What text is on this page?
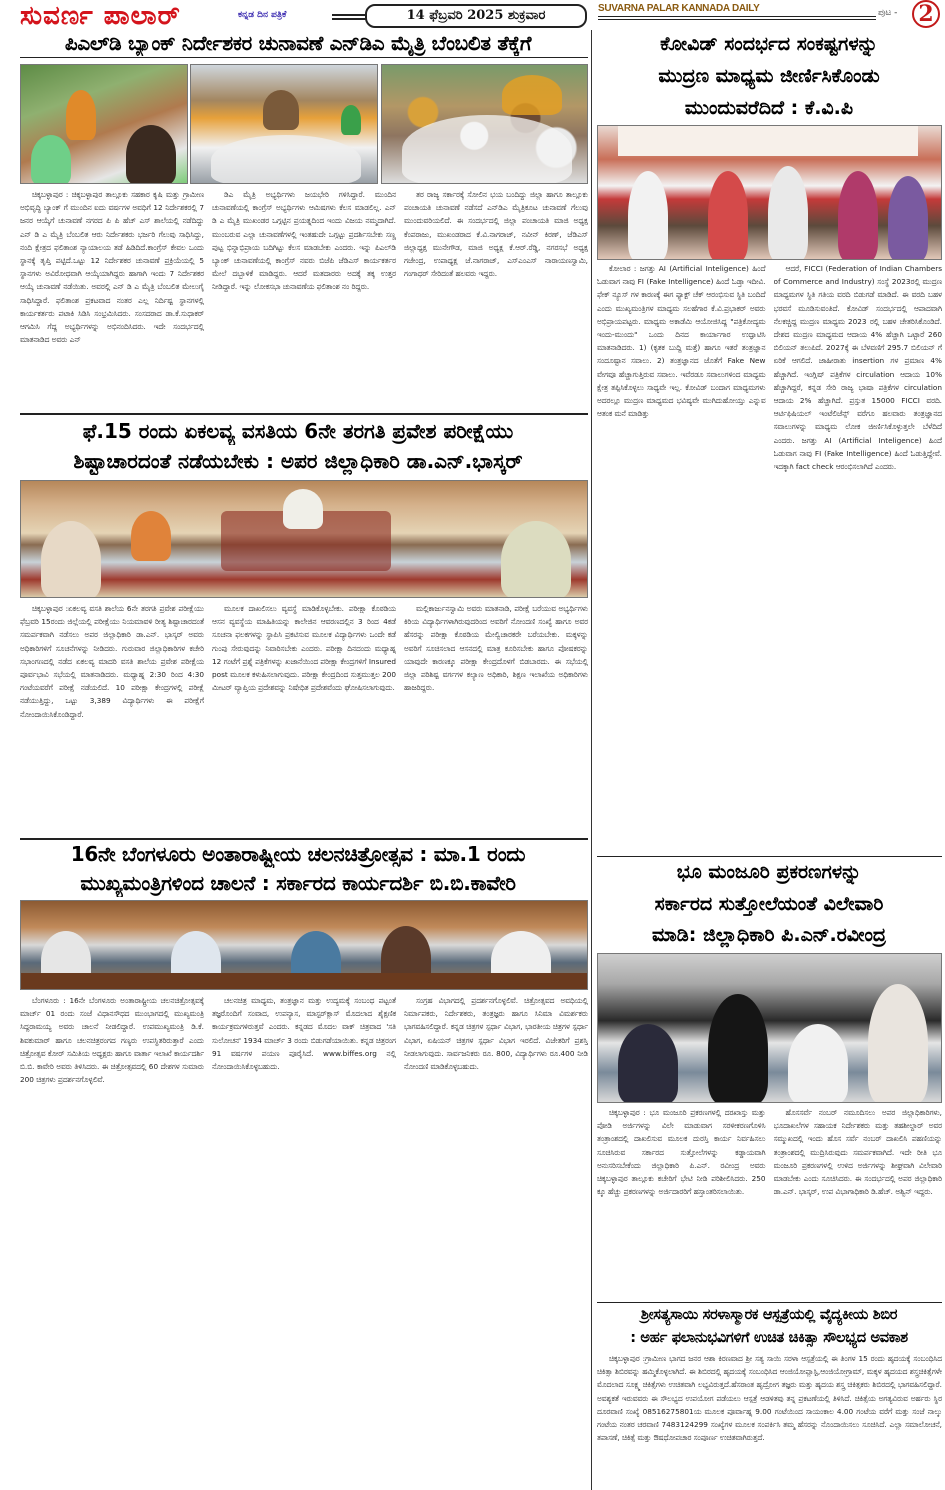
ಸುವರ್ಣ ಪಾಲಾರ್	ಕನ್ನಡ ದಿನ ಪತ್ರಿಕೆ	14 ಫೆಬ್ರವರಿ 2025 ಶುಕ್ರವಾರ	SUVARNA PALAR KANNADA DAILY	ಪುಟ - 2
ಪಿಎಲ್‌ಡಿ ಬ್ಯಾಂಕ್ ನಿರ್ದೇಶಕರ ಚುನಾವಣೆ ಎನ್‌ಡಿಎ ಮೈತ್ರಿ ಬೆಂಬಲಿತ ತೆಕ್ಕೆಗೆ

ಚಿಕ್ಕಬಳ್ಳಾಪುರ : ಚಿಕ್ಕಬಳ್ಳಾಪುರ ತಾಲ್ಲೂಕು ಸಹಕಾರ ಕೃಷಿ ಮತ್ತು ಗ್ರಾಮೀಣ ಅಭಿವೃದ್ಧಿ ಬ್ಯಾಂಕ್ ಗೆ ಮುಂದಿನ ಐದು ವರ್ಷಗಳ ಅವಧಿಗೆ 12 ನಿರ್ದೇಶಕರಲ್ಲಿ 7 ಜನರ ಆಯ್ಕೆಗೆ ಚುನಾವಣೆ ನಗರದ ಪಿ ಪಿ ಹೆಚ್ ಎಸ್ ಶಾಲೆಯಲ್ಲಿ ನಡೆದಿದ್ದು ಎನ್ ಡಿ ಎ ಮೈತ್ರಿ ಬೆಂಬಲಿತ ಆರು ನಿರ್ದೇಶಕರು ಭರ್ಜರಿ ಗೆಲುವು ಸಾಧಿಸಿದ್ದು, ನಂದಿ ಕ್ಷೇತ್ರದ ಫಲಿತಾಂಶ ನ್ಯಾಯಾಲಯ ತಡೆ ಹಿಡಿದಿದೆ.ಕಾಂಗ್ರೆಸ್ ಕೇವಲ ಒಂದು ಸ್ಥಾನಕ್ಕೆ ತೃಪ್ತಿ ಪಟ್ಟಿದೆ.ಒಟ್ಟು 12 ನಿರ್ದೇಶಕರ ಚುನಾವಣೆ ಪ್ರಕ್ರಿಯೆಯಲ್ಲಿ 5 ಸ್ಥಾನಗಳು ಅವಿರೋಧವಾಗಿ ಆಯ್ಕೆಯಾಗಿದ್ದರು ಹಾಗಾಗಿ ಇಂದು 7 ನಿರ್ದೇಶಕರ ಆಯ್ಕೆ ಚುನಾವಣೆ ನಡೆಯಿತು. ಅವರಲ್ಲಿ ಎನ್ ಡಿ ಎ ಮೈತ್ರಿ ಬೆಂಬಲಿತ ಮೇಲುಗೈ ಸಾಧಿಸಿದ್ದಾರೆ. ಫಲಿತಾಂಶ ಪ್ರಕಟವಾದ ನಂತರ ಎಲ್ಲ ನಿರ್ದಿಷ್ಟ ಸ್ಥಾನಗಳಲ್ಲಿ ಕಾರ್ಯಕರ್ತರು ಪಟಾಕಿ ಸಿಡಿಸಿ ಸಂಭ್ರಮಿಸಿದರು. ಸಂಸದರಾದ ಡಾ.ಕೆ.ಸುಧಾಕರ್ ಆಗಮಿಸಿ ಗೆದ್ದ ಅಭ್ಯರ್ಥಿಗಳನ್ನು ಅಭಿನಂದಿಸಿದರು. ಇದೇ ಸಂದರ್ಭದಲ್ಲಿ ಮಾತನಾಡಿದ ಅವರು ಎನ್

ಡಿಎ ಮೈತ್ರಿ ಅಭ್ಯರ್ಥಿಗಳು ಜಯಭೇರಿ ಗಳಿಸಿದ್ದಾರೆ. ಮುಂದಿನ ಚುನಾವಣೆಯಲ್ಲಿ ಕಾಂಗ್ರೆಸ್ ಅಭ್ಯರ್ಥಿಗಳು ಆಮಿಷಗಳು ಕೆಲಸ ಮಾಡಲಿಲ್ಲ. ಎನ್ ಡಿ ಎ ಮೈತ್ರಿ ಮುಖಂಡರ ಒಗ್ಗಟ್ಟಿನ ಪ್ರಯತ್ನದಿಂದ ಇಂದು ವಿಜಯ ನಮ್ಮದಾಗಿದೆ. ಮುಂಬರುವ ಎಲ್ಲಾ ಚುನಾವಣೆಗಳಲ್ಲಿ ಇಂತಹುದೇ ಒಗ್ಗಟ್ಟು ಪ್ರದರ್ಶಿಸಬೇಕು ಸಣ್ಣ ಪುಟ್ಟ ಭಿನ್ನಾಭಿಪ್ರಾಯ ಬದಿಗಿಟ್ಟು ಕೆಲಸ ಮಾಡಬೇಕು ಎಂದರು. ಇನ್ನು ಪಿಎಲ್‌ಡಿ ಬ್ಯಾಂಕ್ ಚುನಾವಣೆಯಲ್ಲಿ ಕಾಂಗ್ರೆಸ್ ನವರು ಬಿಜೆಪಿ ಜೆಡಿಎಸ್ ಕಾರ್ಯಕರ್ತರ ಮೇಲೆ ದಬ್ಬಾಳಿಕೆ ಮಾಡಿದ್ದರು. ಆದರೆ ಮತದಾರರು ಅದಕ್ಕೆ ತಕ್ಕ ಉತ್ತರ ನೀಡಿದ್ದಾರೆ. ಇನ್ನು ಲೋಕಸಭಾ ಚುನಾವಣೆಯ ಫಲಿತಾಂಶ ನಂ ರಿದ್ದರು.

ತರ ರಾಜ್ಯ ಸರ್ಕಾರಕ್ಕೆ ಸೋಲಿನ ಭಯ ಬಂದಿದ್ದು ಜಿಲ್ಲಾ ಹಾಗೂ ತಾಲ್ಲೂಕು ಪಂಚಾಯತಿ ಚುನಾವಣೆ ನಡೆಸದೆ ಎನ್‌ಡಿಎ ಮೈತ್ರಿಕೂಟ ಚುನಾವಣೆ ಗೆಲುವು ಮುಂದುವರಿಯಲಿದೆ. ಈ ಸಂದರ್ಭದಲ್ಲಿ ಜಿಲ್ಲಾ ಪಂಚಾಯತಿ ಮಾಜಿ ಅಧ್ಯಕ್ಷ ಕೆಂಪರಾಜು, ಮುಖಂಡರಾದ ಕೆ.ವಿ.ನಾಗರಾಜ್, ನವೀನ್ ಕಿರಣ್, ಜೆಡಿಎಸ್ ಜಿಲ್ಲಾಧ್ಯಕ್ಷ ಮುನೇಗೌಡ, ಮಾಜಿ ಅಧ್ಯಕ್ಷ ಕೆ.ಆರ್.ರೆಡ್ಡಿ, ನಗರಸಭೆ ಅಧ್ಯಕ್ಷ ಗಜೇಂದ್ರ, ಉಪಾಧ್ಯಕ್ಷ ಜೆ.ನಾಗರಾಜ್, ಎಸ್ಎಂಎಸ್ ನಾರಾಯಣಸ್ವಾಮಿ, ಗಂಗಾಧರ್ ಸೇರಿದಂತೆ ಹಲವರು ಇದ್ದರು.

ಫೆ.15 ರಂದು ಏಕಲವ್ಯ ವಸತಿಯ 6ನೇ ತರಗತಿ ಪ್ರವೇಶ ಪರೀಕ್ಷೆಯು
ಶಿಷ್ಟಾಚಾರದಂತೆ ನಡೆಯಬೇಕು : ಅಪರ ಜಿಲ್ಲಾಧಿಕಾರಿ ಡಾ.ಎನ್.ಭಾಸ್ಕರ್

ಚಿಕ್ಕಬಳ್ಳಾಪುರ :ಏಕಲವ್ಯ ವಸತಿ ಶಾಲೆಯ 6ನೇ ತರಗತಿ ಪ್ರವೇಶ ಪರೀಕ್ಷೆಯು ಫೆಬ್ರವರಿ 15ರಂದು ಜಿಲ್ಲೆಯಲ್ಲಿ ಪರೀಕ್ಷೆಯು ನಿಯಮಾವಳಿ ರೀತ್ಯ ಶಿಷ್ಟಾಚಾರದಂತೆ ಸಮರ್ಪಕವಾಗಿ ನಡೆಸಲು ಅಪರ ಜಿಲ್ಲಾಧಿಕಾರಿ ಡಾ.ಎನ್. ಭಾಸ್ಕರ್ ಅವರು ಅಧಿಕಾರಿಗಳಿಗೆ ಸೂಚನೆಗಳನ್ನು ನೀಡಿದರು. ಗುರುವಾರ ಜಿಲ್ಲಾಧಿಕಾರಿಗಳ ಕಚೇರಿ ಸಭಾಂಗಣದಲ್ಲಿ ನಡೆದ ಏಕಲವ್ಯ ಮಾದರಿ ವಸತಿ ಶಾಲೆಯ ಪ್ರವೇಶ ಪರೀಕ್ಷೆಯ ಪೂರ್ವಭಾವಿ ಸಭೆಯಲ್ಲಿ ಮಾತನಾಡಿದರು. ಮಧ್ಯಾಹ್ನ 2:30 ರಿಂದ 4:30 ಗಂಟೆಯವರೆಗೆ ಪರೀಕ್ಷೆ ನಡೆಯಲಿದೆ. 10 ಪರೀಕ್ಷಾ ಕೇಂದ್ರಗಳಲ್ಲಿ ಪರೀಕ್ಷೆ ನಡೆಯುತ್ತಿದ್ದು, ಒಟ್ಟು 3,389 ವಿದ್ಯಾರ್ಥಿಗಳು ಈ ಪರೀಕ್ಷೆಗೆ ನೋಂದಾಯಿಸಿಕೊಂಡಿದ್ದಾರೆ.

ಮೂಲಕ ದಾಖಲಿಸಲು ವ್ಯವಸ್ಥೆ ಮಾಡಿಕೊಳ್ಳಬೇಕು. ಪರೀಕ್ಷಾ ಕೊಠಡಿಯ ಆಸನ ವ್ಯವಸ್ಥೆಯ ಮಾಹಿತಿಯನ್ನು ಕಾಲೇಜಿನ ಆವರಣದಲ್ಲಿನ 3 ರಿಂದ 4ಕಡೆ ಸೂಚನಾ ಫಲಕಗಳನ್ನು ಸ್ಥಾಪಿಸಿ ಪ್ರಕಟಿಸುವ ಮೂಲಕ ವಿದ್ಯಾರ್ಥಿಗಳು ಒಂದೇ ಕಡೆ ಗುಂಪು ಸೇರುವುದನ್ನು ನಿವಾರಿಸಬೇಕು ಎಂದರು. ಪರೀಕ್ಷಾ ದಿನದಂದು ಮಧ್ಯಾಹ್ನ 12 ಗಂಟೆಗೆ ಪ್ರಶ್ನೆ ಪತ್ರಿಕೆಗಳನ್ನು ಖಜಾನೆಯಿಂದ ಪರೀಕ್ಷಾ ಕೇಂದ್ರಗಳಿಗೆ Insured post ಮೂಲಕ ಕಳುಹಿಸಲಾಗುವುದು. ಪರೀಕ್ಷಾ ಕೇಂದ್ರದಿಂದ ಸುತ್ತಮುತ್ತಲ 200 ಮೀಟರ್ ವ್ಯಾಪ್ತಿಯ ಪ್ರದೇಶವನ್ನು ನಿಷೇಧಿತ ಪ್ರದೇಶವೆಂದು ಘೋಷಿಸಲಾಗುವುದು.

ಮಲ್ಲಿಕಾರ್ಜುನಸ್ವಾಮಿ ಅವರು ಮಾತನಾಡಿ, ಪರೀಕ್ಷೆ ಬರೆಯುವ ಅಭ್ಯರ್ಥಿಗಳು ಕಿರಿಯ ವಿದ್ಯಾರ್ಥಿಗಳಾಗಿರುವುದರಿಂದ ಅವರಿಗೆ ನೋಂದಣಿ ಸಂಖ್ಯೆ ಹಾಗೂ ಅವರ ಹೆಸರನ್ನು ಪರೀಕ್ಷಾ ಕೊಠಡಿಯ ಮೇಲ್ವಿಚಾರಕರೇ ಬರೆಯಬೇಕು. ಮಕ್ಕಳನ್ನು ಅವರಿಗೆ ಸೂಚಿಸಲಾದ ಆಸನದಲ್ಲಿ ಮಾತ್ರ ಕೂರಿಸಬೇಕು ಹಾಗೂ ಪೋಷಕರನ್ನು ಯಾವುದೇ ಕಾರಣಕ್ಕೂ ಪರೀಕ್ಷಾ ಕೇಂದ್ರದೊಳಗೆ ಬಿಡಬಾರದು. ಈ ಸಭೆಯಲ್ಲಿ ಜಿಲ್ಲಾ ಪರಿಶಿಷ್ಟ ವರ್ಗಗಳ ಕಲ್ಯಾಣ ಅಧಿಕಾರಿ, ಶಿಕ್ಷಣ ಇಲಾಖೆಯ ಅಧಿಕಾರಿಗಳು ಹಾಜರಿದ್ದರು.

16ನೇ ಬೆಂಗಳೂರು ಅಂತಾರಾಷ್ಟ್ರೀಯ ಚಲನಚಿತ್ರೋತ್ಸವ : ಮಾ.1 ರಂದು
ಮುಖ್ಯಮಂತ್ರಿಗಳಿಂದ ಚಾಲನೆ : ಸರ್ಕಾರದ ಕಾರ್ಯದರ್ಶಿ ಬಿ.ಬಿ.ಕಾವೇರಿ

ಬೆಂಗಳೂರು : 16ನೇ ಬೆಂಗಳೂರು ಅಂತಾರಾಷ್ಟ್ರೀಯ ಚಲನಚಿತ್ರೋತ್ಸವಕ್ಕೆ ಮಾರ್ಚ್ 01 ರಂದು ಸಂಜೆ ವಿಧಾನಸೌಧದ ಮುಂಭಾಗದಲ್ಲಿ ಮುಖ್ಯಮಂತ್ರಿ ಸಿದ್ದರಾಮಯ್ಯ ಅವರು ಚಾಲನೆ ನೀಡಲಿದ್ದಾರೆ. ಉಪಮುಖ್ಯಮಂತ್ರಿ ಡಿ.ಕೆ. ಶಿವಕುಮಾರ್ ಹಾಗೂ ಚಲನಚಿತ್ರರಂಗದ ಗಣ್ಯರು ಉಪಸ್ಥಿತರಿರುತ್ತಾರೆ ಎಂದು ಚಿತ್ರೋತ್ಸವ ಕೋರ್ ಸಮಿತಿಯ ಅಧ್ಯಕ್ಷರು ಹಾಗೂ ವಾರ್ತಾ ಇಲಾಖೆ ಕಾರ್ಯದರ್ಶಿ ಬಿ.ಬಿ. ಕಾವೇರಿ ಅವರು ತಿಳಿಸಿದರು. ಈ ಚಿತ್ರೋತ್ಸವದಲ್ಲಿ 60 ದೇಶಗಳ ಸುಮಾರು 200 ಚಿತ್ರಗಳು ಪ್ರದರ್ಶನಗೊಳ್ಳಲಿವೆ.

ಚಲನಚಿತ್ರ ಮಾಧ್ಯಮ, ತಂತ್ರಜ್ಞಾನ ಮತ್ತು ಉದ್ಯಮಕ್ಕೆ ಸಂಬಂಧ ಪಟ್ಟಂತೆ ತಜ್ಞರೊಂದಿಗೆ ಸಂವಾದ, ಉಪನ್ಯಾಸ, ಮಾಸ್ಟರ್‌ಕ್ಲಾಸ್ ಮೊದಲಾದ ಶೈಕ್ಷಣಿಕ ಕಾರ್ಯಕ್ರಮಗಳಿರುತ್ತವೆ ಎಂದರು. ಕನ್ನಡದ ಮೊದಲ ವಾಕ್ ಚಿತ್ರವಾದ 'ಸತಿ ಸುಲೋಚನ' 1934 ಮಾರ್ಚ್ 3 ರಂದು ಬಿಡುಗಡೆಯಾಯಿತು. ಕನ್ನಡ ಚಿತ್ರರಂಗ 91 ವರ್ಷಗಳ ಪಯಣ ಪೂರೈಸಿದೆ. www.biffes.org ನಲ್ಲಿ ನೋಂದಾಯಿಸಿಕೊಳ್ಳಬಹುದು.

ಸಂಗ್ರಹ ವಿಭಾಗದಲ್ಲಿ ಪ್ರದರ್ಶನಗೊಳ್ಳಲಿವೆ. ಚಿತ್ರೋತ್ಸವದ ಅವಧಿಯಲ್ಲಿ ನಿರ್ಮಾಪಕರು, ನಿರ್ದೇಶಕರು, ತಂತ್ರಜ್ಞರು ಹಾಗೂ ಸಿನಿಮಾ ವಿಮರ್ಶಕರು ಭಾಗವಹಿಸಲಿದ್ದಾರೆ. ಕನ್ನಡ ಚಿತ್ರಗಳ ಸ್ಪರ್ಧಾ ವಿಭಾಗ, ಭಾರತೀಯ ಚಿತ್ರಗಳ ಸ್ಪರ್ಧಾ ವಿಭಾಗ, ಏಷಿಯನ್ ಚಿತ್ರಗಳ ಸ್ಪರ್ಧಾ ವಿಭಾಗ ಇರಲಿದೆ. ವಿಜೇತರಿಗೆ ಪ್ರಶಸ್ತಿ ನೀಡಲಾಗುವುದು. ಸಾರ್ವಜನಿಕರು ರೂ. 800, ವಿದ್ಯಾರ್ಥಿಗಳು ರೂ.400 ನೀಡಿ ನೋಂದಣಿ ಮಾಡಿಕೊಳ್ಳಬಹುದು.

ಕೋವಿಡ್ ಸಂದರ್ಭದ ಸಂಕಷ್ಟಗಳನ್ನು
ಮುದ್ರಣ ಮಾಧ್ಯಮ ಜೀರ್ಣಿಸಿಕೊಂಡು
ಮುಂದುವರೆದಿದೆ : ಕೆ.ವಿ.ಪಿ

ಕೋಲಾರ : ಜಗತ್ತು AI (Artificial Inteligence) ಹಿಂದೆ ಓಡುವಾಗ ನಾವು FI (Fake Intelligence) ಹಿಂದೆ ಓಡ್ತಾ ಇದೀವಿ. ಫೇಕ್ ನ್ಯೂಸ್ ಗಳ ಕಾರಣಕ್ಕೆ ಈಗ ಫ್ಯಾಕ್ಟ್ ಚೆಕ್ ಆರಂಭಿಸುವ ಸ್ಥಿತಿ ಬಂದಿದೆ ಎಂದು ಮುಖ್ಯಮಂತ್ರಿಗಳ ಮಾಧ್ಯಮ ಸಲಹೆಗಾರ ಕೆ.ವಿ.ಪ್ರಭಾಕರ್ ಅವರು ಅಭಿಪ್ರಾಯಪಟ್ಟರು. ಮಾಧ್ಯಮ ಅಕಾಡೆಮಿ ಆಯೋಜಿಸಿದ್ದ "ಪತ್ರಿಕೋದ್ಯಮ ಇಂದು-ಮುಂದು" ಒಂದು ದಿನದ ಕಾರ್ಯಾಗಾರ ಉದ್ಘಾಟಿಸಿ ಮಾತನಾಡಿದರು. 1) (ಕೃತಕ ಬುದ್ದಿ ಮತ್ತೆ) ಹಾಗೂ ಇತರೆ ತಂತ್ರಜ್ಞಾನ ಸಂದೂಷ್ಟಾನ ಸವಾಲು. 2) ತಂತ್ರಜ್ಞಾನದ ಜೊತೆಗೆ Fake New ವೇಗವೂ ಹೆಚ್ಚಾಗುತ್ತಿರುವ ಸವಾಲು. ಇವೆರಡೂ ಸವಾಲುಗಳಿಂದ ಮಾಧ್ಯಮ ಕ್ಷೇತ್ರ ತಪ್ಪಿಸಿಕೊಳ್ಳಲು ಸಾಧ್ಯವೇ ಇಲ್ಲ. ಕೋವಿಡ್ ಬಂದಾಗ ಮಾಧ್ಯಮಗಳು ಅದರಲ್ಲೂ ಮುದ್ರಣ ಮಾಧ್ಯಮದ ಭವಿಷ್ಯವೇ ಮುಗಿದುಹೋಯ್ತು ಎನ್ನುವ ಆತಂಕ ಮನೆ ಮಾಡಿತ್ತು

ಆದರೆ, FICCI (Federation of Indian Chambers of Commerce and Industry) ಸಂಸ್ಥೆ 2023ರಲ್ಲಿ ಮುದ್ರಣ ಮಾಧ್ಯಮಗಳ ಸ್ಥಿತಿ ಗತಿಯ ವರದಿ ಬಿಡುಗಡೆ ಮಾಡಿದೆ. ಈ ವರದಿ ಬಹಳ ಭರವಸೆ ಮೂಡಿಸುವಂತಿದೆ. ಕೋವಿಡ್ ಸಂದರ್ಭದಲ್ಲಿ ಆಪಾದವಾಗಿ ನೆಲಕಚ್ಚಿದ್ದ ಮುದ್ರಣ ಮಾಧ್ಯಮ 2023 ರಲ್ಲಿ ಬಹಳ ಚೇತರಿಸಿಕೊಂಡಿದೆ. ದೇಶದ ಮುದ್ರಣ ಮಾಧ್ಯಮದ ಆದಾಯ 4% ಹೆಚ್ಚಾಗಿ ಒಟ್ಟಾರೆ 260 ಬಿಲಿಯನ್ ತಲುಪಿದೆ. 2027ಕ್ಕೆ ಈ ಬೆಳವಣಿಗೆ 295.7 ಬಿಲಿಯನ್ ಗೆ ಏರಿಕೆ ಆಗಲಿದೆ. ಜಾಹೀರಾತು insertion ಗಳ ಪ್ರಮಾಣ 4% ಹೆಚ್ಚಾಗಿದೆ. ಇಂಗ್ಲಿಷ್ ಪತ್ರಿಕೆಗಳ circulation ಆದಾಯ 10% ಹೆಚ್ಚಾಗಿದ್ದರೆ, ಕನ್ನಡ ಸೇರಿ ರಾಜ್ಯ ಭಾಷಾ ಪತ್ರಿಕೆಗಳ circulation ಆದಾಯ 2% ಹೆಚ್ಚಾಗಿದೆ. ಪ್ರಸ್ತುತ 15000 FICCI ವರದಿ. ಆರ್ಟಿಫಿಷಿಯಲ್ ಇಂಟೆಲಿಜೆನ್ಸ್ ವರೆಗೂ ಹಲವಾರು ತಂತ್ರಜ್ಞಾನದ ಸವಾಲುಗಳನ್ನು ಮಾಧ್ಯಮ ಲೋಕ ಜೀರ್ಣಿಸಿಕೊಳ್ಳುತ್ತಲೇ ಬೆಳೆದಿದೆ ಎಂದರು. ಜಗತ್ತು AI (Artificial Inteligence) ಹಿಂದೆ ಓಡುವಾಗ ನಾವು FI (Fake Intelligence) ಹಿಂದೆ ಓಡುತ್ತಿದ್ದೇವೆ. ಇದಕ್ಕಾಗಿ fact check ಆರಂಭಿಸಲಾಗಿದೆ ಎಂದರು.

ಭೂ ಮಂಜೂರಿ ಪ್ರಕರಣಗಳನ್ನು
ಸರ್ಕಾರದ ಸುತ್ತೋಲೆಯಂತೆ ವಿಲೇವಾರಿ
ಮಾಡಿ: ಜಿಲ್ಲಾಧಿಕಾರಿ ಪಿ.ಎನ್.ರವೀಂದ್ರ

ಚಿಕ್ಕಬಳ್ಳಾಪುರ : ಭೂ ಮಂಜೂರಿ ಪ್ರಕರಣಗಳಲ್ಲಿ ದರಖಾಸ್ತು ಮತ್ತು ಪೋಡಿ ಅರ್ಜಿಗಳನ್ನು ವಿಲೇ ಮಾಡುವಾಗ ಸರಳೀಕರಣಗೊಳಿಸಿ ತಂತ್ರಾಂಶದಲ್ಲಿ ದಾಖಲಿಸುವ ಮೂಲಕ ದುರಸ್ತಿ ಕಾರ್ಯ ನಿರ್ವಹಿಸಲು ಸೂಚಿಸಿರುವ ಸರ್ಕಾರದ ಸುತ್ತೋಲೆಗಳನ್ನು ಕಡ್ಡಾಯವಾಗಿ ಅನುಸರಿಸಬೇಕೆಂದು ಜಿಲ್ಲಾಧಿಕಾರಿ ಪಿ.ಎನ್. ರವೀಂದ್ರ ಅವರು ಚಿಕ್ಕಬಳ್ಳಾಪುರ ತಾಲ್ಲೂಕು ಕಚೇರಿಗೆ ಭೇಟಿ ನೀಡಿ ಪರಿಶೀಲಿಸಿದರು. 250 ಕ್ಕೂ ಹೆಚ್ಚು ಪ್ರಕರಣಗಳನ್ನು ಅರ್ಜಿದಾರರಿಗೆ ಹಸ್ತಾಂತರಿಸಲಾಯಿತು.

ಹೊಸಸರ್ವೆ ನಂಬರ್ ನಮೂದಿಸಲು ಅಪರ ಜಿಲ್ಲಾಧಿಕಾರಿಗಳು, ಭೂದಾಖಲೆಗಳ ಸಹಾಯಕ ನಿರ್ದೇಶಕರು ಮತ್ತು ತಹಶೀಲ್ದಾರ್ ಅವರ ಸಮ್ಮುಖದಲ್ಲಿ ಇಂದು ಹೊಸ ಸರ್ವೆ ನಂಬರ್ ದಾಖಲಿಸಿ ಪಹಣಿಯನ್ನು ತಂತ್ರಾಂಶದಲ್ಲಿ ಮುದ್ರಿಸಿರುವುದು ಸಮರ್ಪಕವಾಗಿದೆ. ಇದೇ ರೀತಿ ಭೂ ಮಂಜೂರಿ ಪ್ರಕರಣಗಳಲ್ಲಿ ಉಳಿದ ಅರ್ಜಿಗಳನ್ನು ಶೀಘ್ರವಾಗಿ ವಿಲೇವಾರಿ ಮಾಡಬೇಕು ಎಂದು ಸೂಚಿಸಿದರು. ಈ ಸಂದರ್ಭದಲ್ಲಿ ಅಪರ ಜಿಲ್ಲಾಧಿಕಾರಿ ಡಾ.ಎನ್. ಭಾಸ್ಕರ್, ಉಪ ವಿಭಾಗಾಧಿಕಾರಿ ಡಿ.ಹೆಚ್. ಅಶ್ವಿನ್ ಇದ್ದರು.

ಶ್ರೀಸತ್ಯಸಾಯಿ ಸರಳಾಸ್ಮಾರಕ ಆಸ್ಪತ್ರೆಯಲ್ಲಿ ವೈದ್ಯಕೀಯ ಶಿಬಿರ
: ಅರ್ಹ ಫಲಾನುಭವಿಗಳಿಗೆ ಉಚಿತ ಚಿಕಿತ್ಸಾ ಸೌಲಭ್ಯದ ಅವಕಾಶ

ಚಿಕ್ಕಬಳ್ಳಾಪುರ :ಗ್ರಾಮೀಣ ಭಾಗದ ಜನರ ಆಶಾ ಕಿರಣವಾದ ಶ್ರೀ ಸತ್ಯ ಸಾಯಿ ಸರಳಾ ಆಸ್ಪತ್ರೆಯಲ್ಲಿ ಈ ತಿಂಗಳ 15 ರಂದು ಹೃದಯಕ್ಕೆ ಸಂಬಂಧಿಸಿದ ಚಿಕಿತ್ಸಾ ಶಿಬಿರವನ್ನು ಹಮ್ಮಿಕೊಳ್ಳಲಾಗಿದೆ. ಈ ಶಿಬಿರದಲ್ಲಿ ಹೃದಯಕ್ಕೆ ಸಂಬಂಧಿಸಿದ ಆಂಜಿಯೋಪ್ಲಾಸ್ಟಿ,ಆಂಜಿಯೋಗ್ರಾಮ್, ಮಕ್ಕಳ ಹೃದಯದ ಶಸ್ತ್ರಚಿಕಿತ್ಸೆಗಳೇ ಮೊದಲಾದ ಸೂಕ್ಷ್ಮ ಚಿಕಿತ್ಸೆಗಳು ಉಚಿತವಾಗಿ ಲಭ್ಯವಿರುತ್ತದೆ.ಹೆಸರಾಂತ ಹೃದ್ರೋಗ ತಜ್ಞರು ಮತ್ತು ಹೃದಯ ಶಸ್ತ್ರ ಚಿಕಿತ್ಸಕರು ಶಿಬಿರದಲ್ಲಿ ಭಾಗವಹಿಸಲಿದ್ದಾರೆ. ಅವಶ್ಯಕತೆ ಇರುವವರು ಈ ಸೌಲಭ್ಯದ ಉಪಯೋಗ ಪಡೆಯಲು ಆಸ್ಪತ್ರೆ ಆಡಳಿತವು ತನ್ನ ಪ್ರಕಟಣೆಯಲ್ಲಿ ತಿಳಿಸಿದೆ. ಚಿಕಿತ್ಸೆಯ ಅಗತ್ಯವಿರುವ ಅರ್ಹರು ಸ್ಥಿರ ದೂರವಾಣಿ ಸಂಖ್ಯೆ 08516275801ಯ ಮೂಲಕ ಪೂರ್ವಾಹ್ನ 9.00 ಗಂಟೆಯಿಂದ ಸಾಯಂಕಾಲ 4.00 ಗಂಟೆಯ ವರೆಗೆ ಮತ್ತು ಸಂಜೆ ನಾಲ್ಕು ಗಂಟೆಯ ನಂತರ ಚರವಾಣಿ 7483124299 ಸಂಖ್ಯೆಗಳ ಮೂಲಕ ಸಂಪರ್ಕಿಸಿ ತಮ್ಮ ಹೆಸರನ್ನು ನೊಂದಾಯಿಸಲು ಸೂಚಿಸಿದೆ. ಎಲ್ಲಾ ಸಮಾಲೋಚನೆ, ತಪಾಸಣೆ, ಚಿಕಿತ್ಸೆ ಮತ್ತು ಔಷಧೋಪಚಾರ ಸಂಪೂರ್ಣ ಉಚಿತವಾಗಿರುತ್ತದೆ.
